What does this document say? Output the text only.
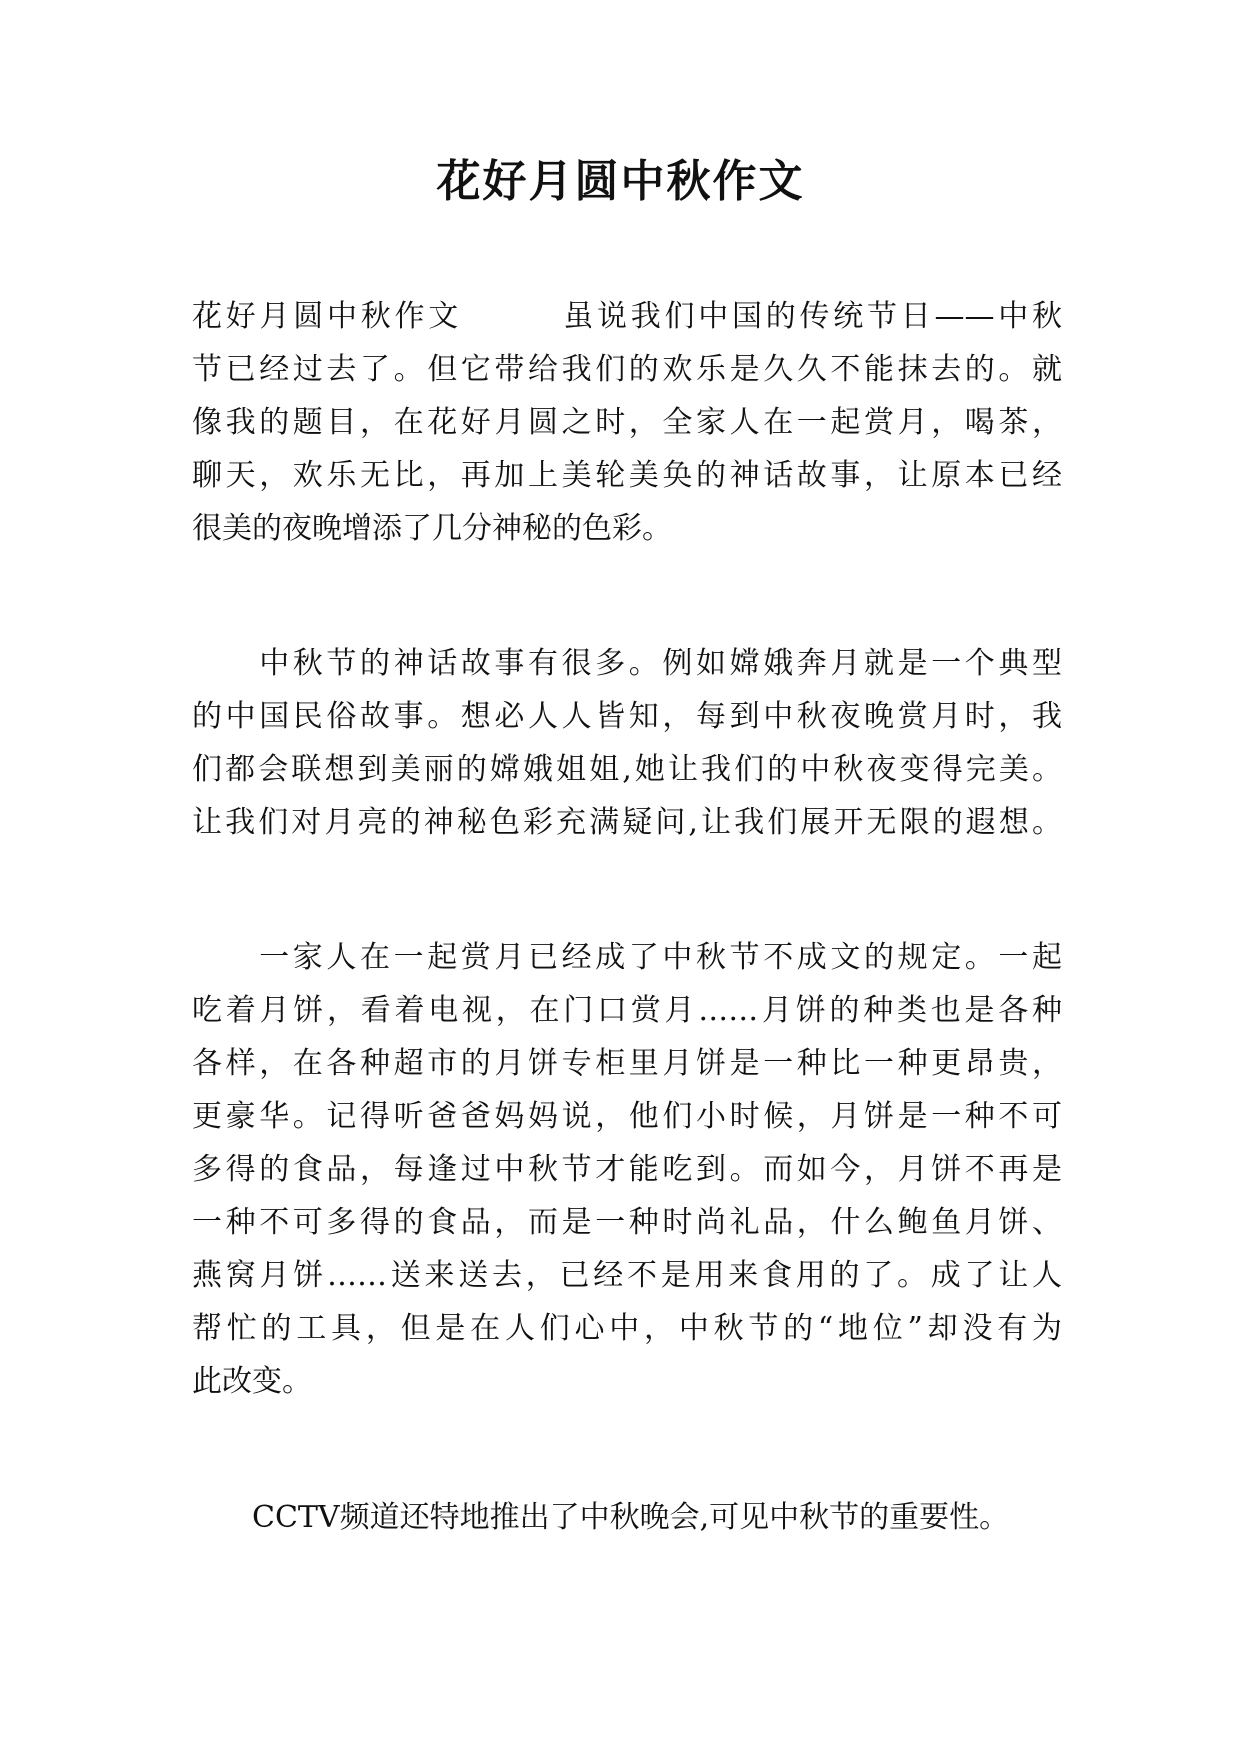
花好月圆中秋作文
花好月圆中秋作文　　　虽说我们中国的传统节日——中秋
节已经过去了。但它带给我们的欢乐是久久不能抹去的。就
像我的题目，在花好月圆之时，全家人在一起赏月，喝茶，
聊天，欢乐无比，再加上美轮美奂的神话故事，让原本已经
很美的夜晚增添了几分神秘的色彩。
　　中秋节的神话故事有很多。例如嫦娥奔月就是一个典型
的中国民俗故事。想必人人皆知，每到中秋夜晚赏月时，我
们都会联想到美丽的嫦娥姐姐,她让我们的中秋夜变得完美。
让我们对月亮的神秘色彩充满疑问,让我们展开无限的遐想。
　　一家人在一起赏月已经成了中秋节不成文的规定。一起
吃着月饼，看着电视，在门口赏月……月饼的种类也是各种
各样，在各种超市的月饼专柜里月饼是一种比一种更昂贵，
更豪华。记得听爸爸妈妈说，他们小时候，月饼是一种不可
多得的食品，每逢过中秋节才能吃到。而如今，月饼不再是
一种不可多得的食品，而是一种时尚礼品，什么鲍鱼月饼、
燕窝月饼……送来送去，已经不是用来食用的了。成了让人
帮忙的工具，但是在人们心中，中秋节的“地位”却没有为
此改变。
　　CCTV频道还特地推出了中秋晚会,可见中秋节的重要性。
